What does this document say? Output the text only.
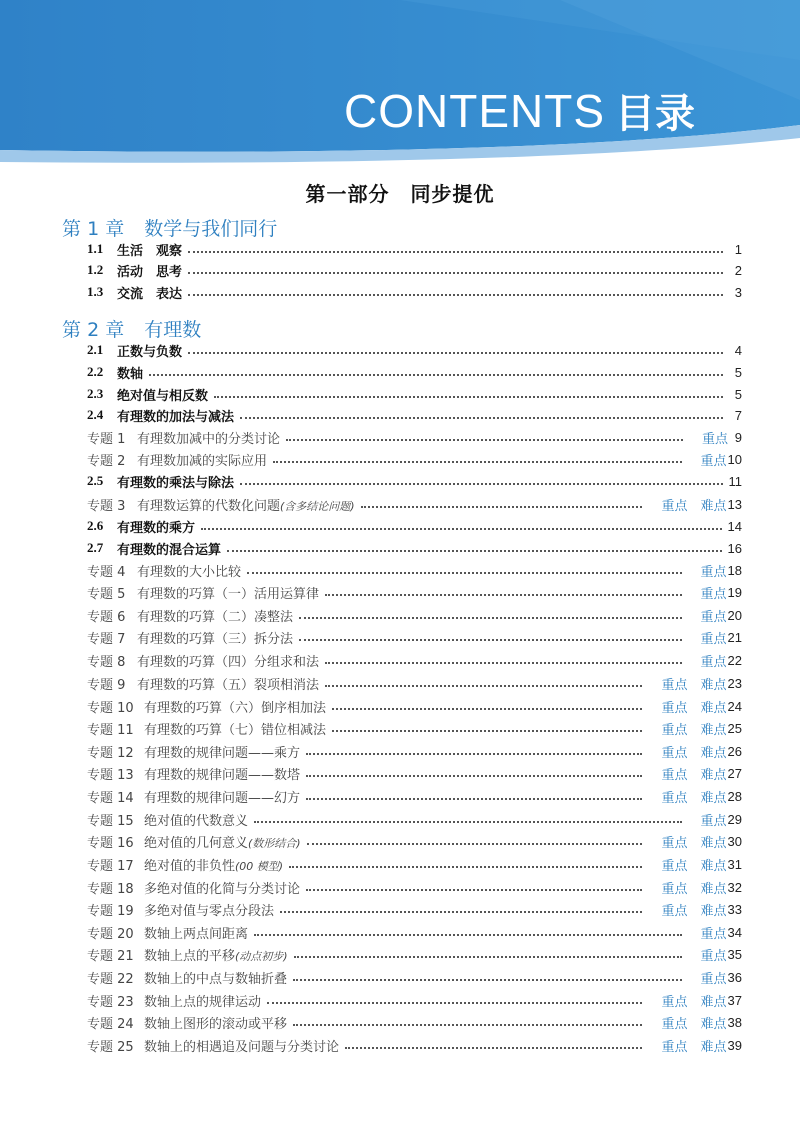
CONTENTS 目录
第一部分　同步提优
第 1 章 数学与我们同行
第 2 章 有理数
1.1	生活　观察	1
1.2	活动　思考	2
1.3	交流　表达	3
2.1	正数与负数	4
2.2	数轴	5
2.3	绝对值与相反数	5
2.4	有理数的加法与减法	7
专题 1 有理数加减中的分类讨论	重点 9
专题 2 有理数加减的实际应用	重点 10
2.5	有理数的乘法与除法	11
专题 3 有理数运算的代数化问题(含多结论问题)	重点 难点 13
2.6	有理数的乘方	14
2.7	有理数的混合运算	16
专题 4 有理数的大小比较	重点 18
专题 5 有理数的巧算（一）活用运算律	重点 19
专题 6 有理数的巧算（二）凑整法	重点 20
专题 7 有理数的巧算（三）拆分法	重点 21
专题 8 有理数的巧算（四）分组求和法	重点 22
专题 9 有理数的巧算（五）裂项相消法	重点 难点 23
专题 10 有理数的巧算（六）倒序相加法	重点 难点 24
专题 11 有理数的巧算（七）错位相减法	重点 难点 25
专题 12 有理数的规律问题——乘方	重点 难点 26
专题 13 有理数的规律问题——数塔	重点 难点 27
专题 14 有理数的规律问题——幻方	重点 难点 28
专题 15 绝对值的代数意义	重点 29
专题 16 绝对值的几何意义(数形结合)	重点 难点 30
专题 17 绝对值的非负性(00 模型)	重点 难点 31
专题 18 多绝对值的化简与分类讨论	重点 难点 32
专题 19 多绝对值与零点分段法	重点 难点 33
专题 20 数轴上两点间距离	重点 34
专题 21 数轴上点的平移(动点初步)	重点 35
专题 22 数轴上的中点与数轴折叠	重点 36
专题 23 数轴上点的规律运动	重点 难点 37
专题 24 数轴上图形的滚动或平移	重点 难点 38
专题 25 数轴上的相遇追及问题与分类讨论	重点 难点 39
